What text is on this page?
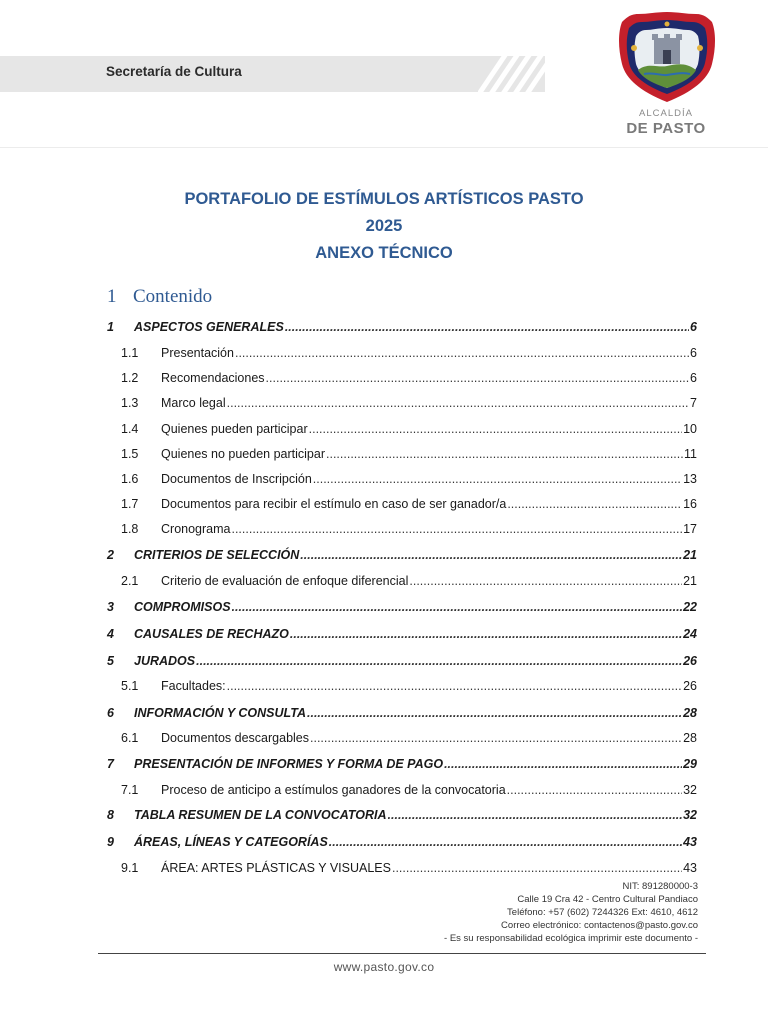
Secretaría de Cultura
ALCALDÍA
DE PASTO
PORTAFOLIO DE ESTÍMULOS ARTÍSTICOS PASTO
2025
ANEXO TÉCNICO
1 Contenido
1	ASPECTOS GENERALES .....	6
1.1	Presentación .....	6
1.2	Recomendaciones .....	6
1.3	Marco legal .....	7
1.4	Quienes pueden participar .....	10
1.5	Quienes no pueden participar .....	11
1.6	Documentos de Inscripción .....	13
1.7	Documentos para recibir el estímulo en caso de ser ganador/a .....	16
1.8	Cronograma .....	17
2	CRITERIOS DE SELECCIÓN .....	21
2.1	Criterio de evaluación de enfoque diferencial .....	21
3	COMPROMISOS .....	22
4	CAUSALES DE RECHAZO .....	24
5	JURADOS .....	26
5.1	Facultades: .....	26
6	INFORMACIÓN Y CONSULTA .....	28
6.1	Documentos descargables .....	28
7	PRESENTACIÓN DE INFORMES Y FORMA DE PAGO .....	29
7.1	Proceso de anticipo a estímulos ganadores de la convocatoria .....	32
8	TABLA RESUMEN DE LA CONVOCATORIA .....	32
9	ÁREAS, LÍNEAS Y CATEGORÍAS .....	43
9.1	ÁREA: ARTES PLÁSTICAS Y VISUALES .....	43
NIT: 891280000-3
Calle 19 Cra 42 - Centro Cultural Pandiaco
Teléfono: +57 (602) 7244326 Ext: 4610, 4612
Correo electrónico: contactenos@pasto.gov.co
- Es su responsabilidad ecológica imprimir este documento -
www.pasto.gov.co
